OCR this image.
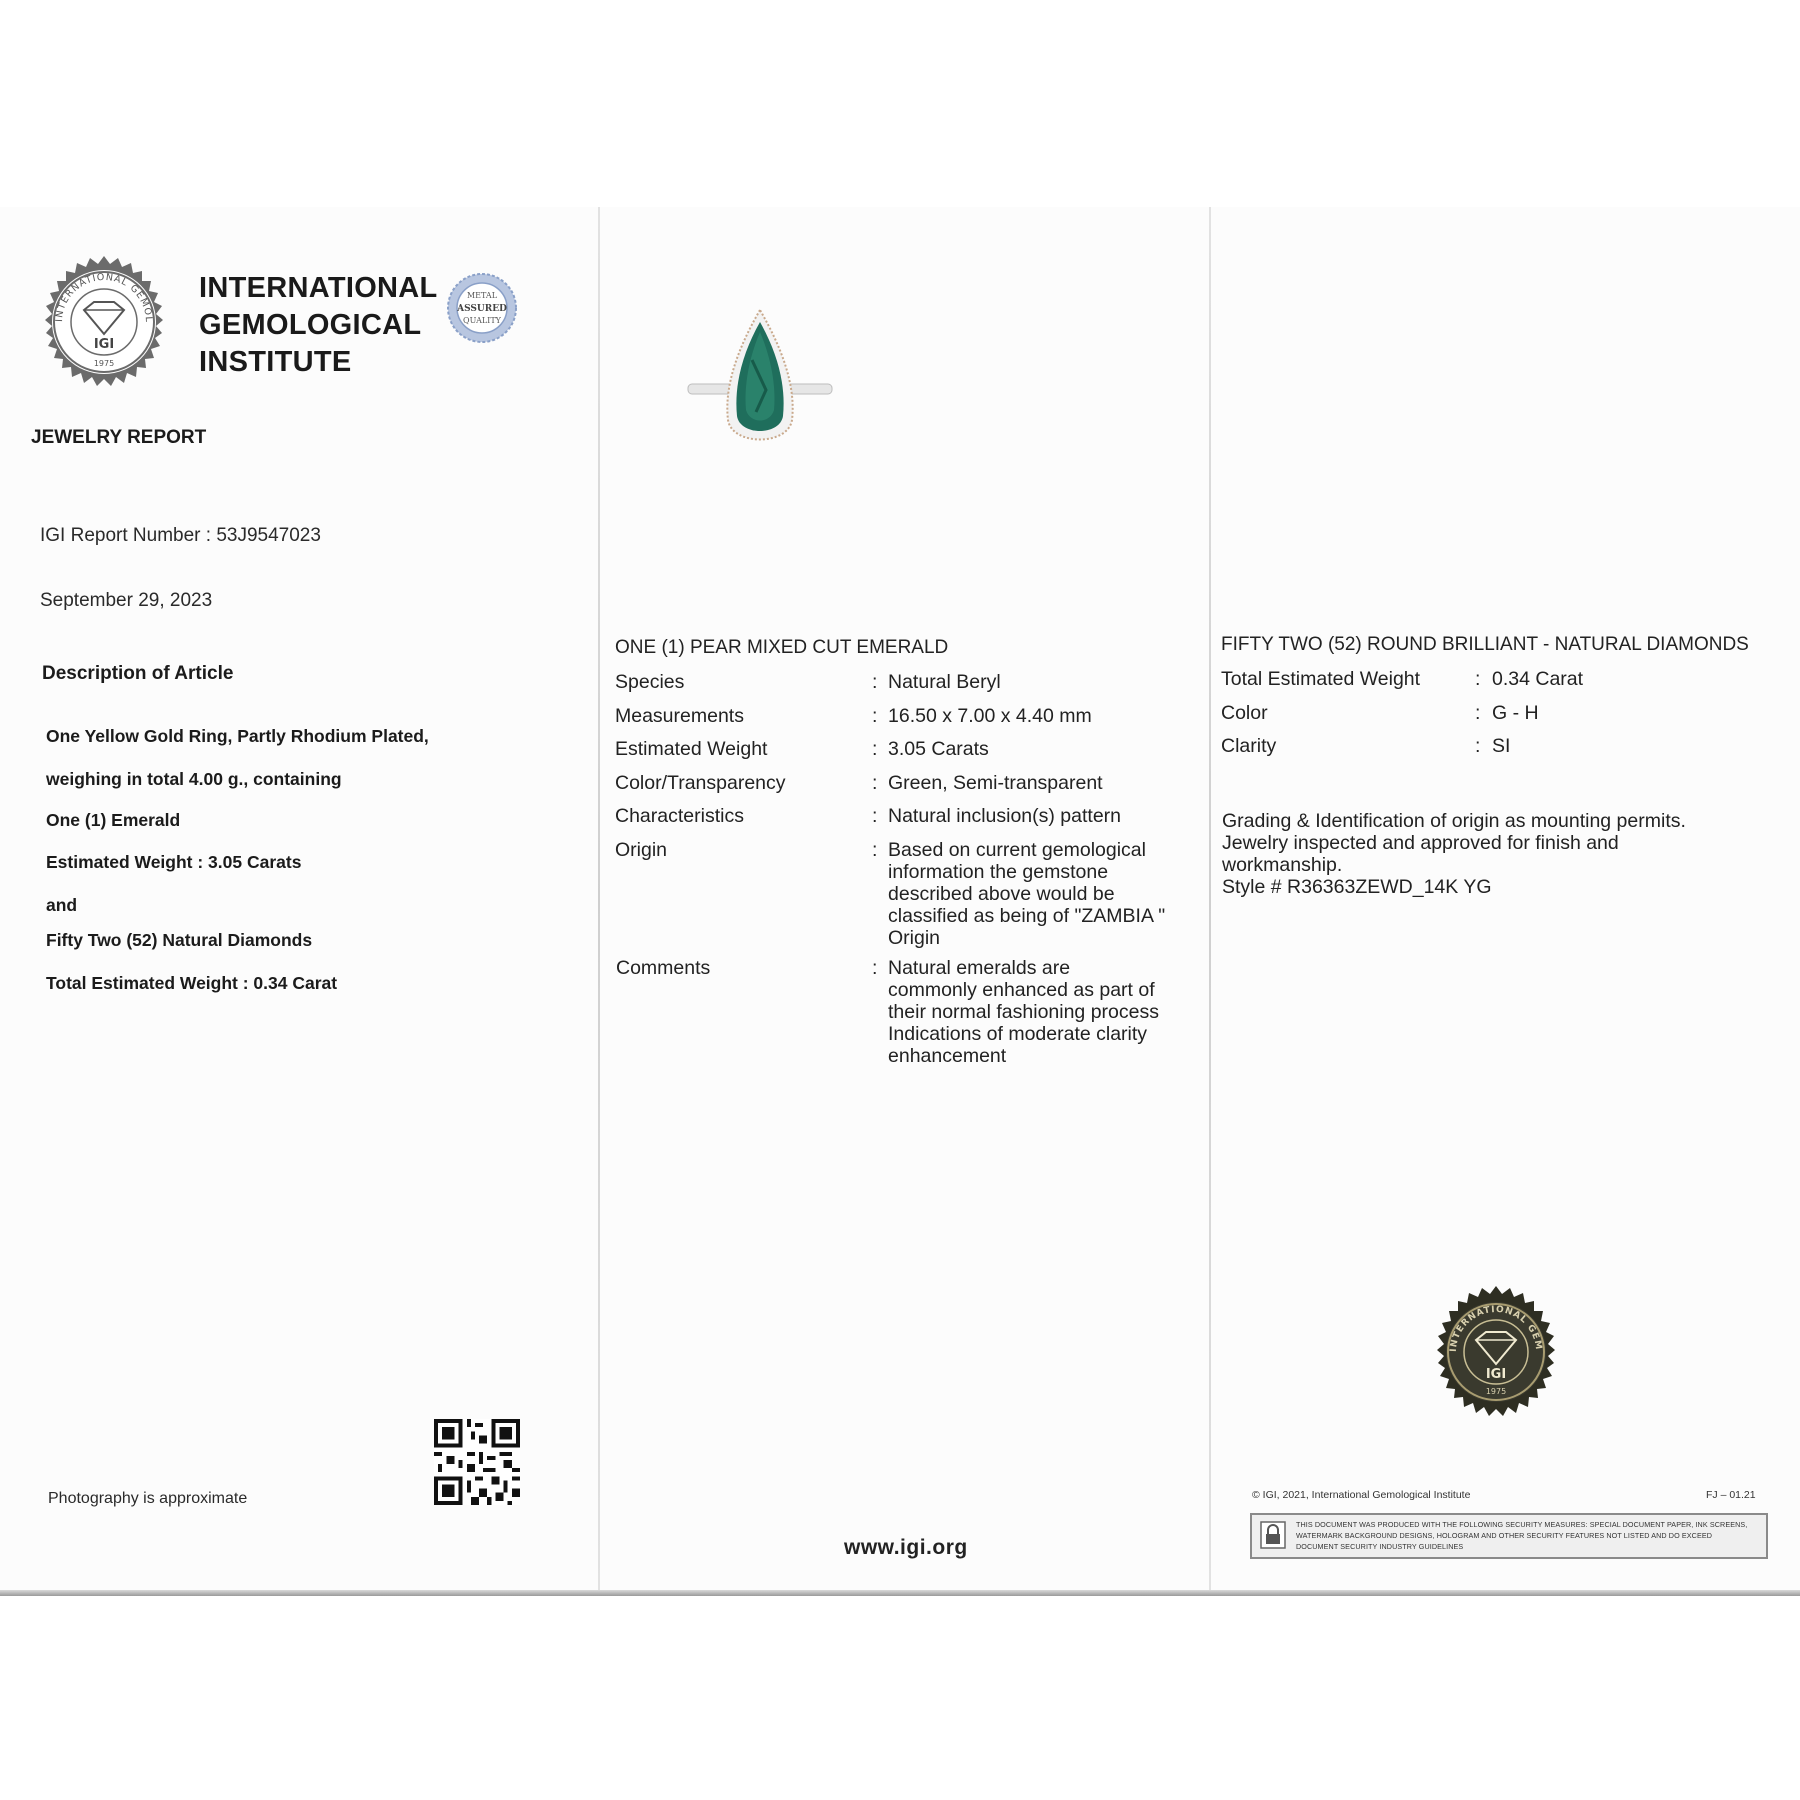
INTERNATIONAL GEMOL
IGI
1975
INTERNATIONAL
GEMOLOGICAL
INSTITUTE
METAL
ASSURED
QUALITY
JEWELRY REPORT
IGI Report Number : 53J9547023
September 29, 2023
Description of Article
One Yellow Gold Ring, Partly Rhodium Plated,
weighing in total 4.00 g., containing
One (1) Emerald
Estimated Weight : 3.05 Carats
and
Fifty Two (52) Natural Diamonds
Total Estimated Weight : 0.34 Carat
Photography is approximate
ONE (1) PEAR MIXED CUT EMERALD
Species	: Natural Beryl
Measurements	: 16.50 x 7.00 x 4.40 mm
Estimated Weight	: 3.05 Carats
Color/Transparency	: Green, Semi-transparent
Characteristics	: Natural inclusion(s) pattern
Origin	: Based on current gemological
information the gemstone
described above would be
classified as being of "ZAMBIA "
Origin
Comments	: Natural emeralds are
commonly enhanced as part of
their normal fashioning process
Indications of moderate clarity
enhancement
www.igi.org
FIFTY TWO (52) ROUND BRILLIANT - NATURAL DIAMONDS
Total Estimated Weight	: 0.34 Carat
Color	: G - H
Clarity	: SI
Grading & Identification of origin as mounting permits.
Jewelry inspected and approved for finish and
workmanship.
Style # R36363ZEWD_14K YG
INTERNATIONAL GEM
IGI
1975
© IGI, 2021, International Gemological Institute	FJ – 01.21
THIS DOCUMENT WAS PRODUCED WITH THE FOLLOWING SECURITY MEASURES: SPECIAL DOCUMENT PAPER, INK SCREENS, WATERMARK BACKGROUND DESIGNS, HOLOGRAM AND OTHER SECURITY FEATURES NOT LISTED AND DO EXCEED DOCUMENT SECURITY INDUSTRY GUIDELINES
